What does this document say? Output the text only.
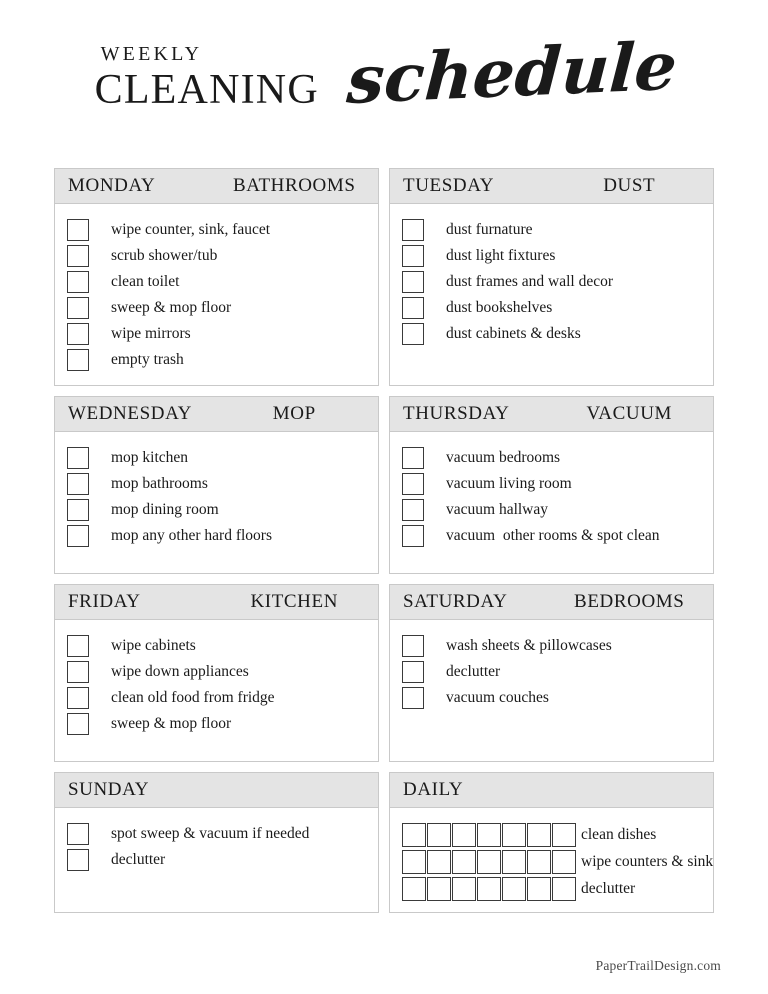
WEEKLY
CLEANING schedule
MONDAY	BATHROOMS
wipe counter, sink, faucet
scrub shower/tub
clean toilet
sweep & mop floor
wipe mirrors
empty trash
TUESDAY	DUST
dust furnature
dust light fixtures
dust frames and wall decor
dust bookshelves
dust cabinets & desks
WEDNESDAY	MOP
mop kitchen
mop bathrooms
mop dining room
mop any other hard floors
THURSDAY	VACUUM
vacuum bedrooms
vacuum living room
vacuum hallway
vacuum  other rooms & spot clean
FRIDAY	KITCHEN
wipe cabinets
wipe down appliances
clean old food from fridge
sweep & mop floor
SATURDAY	BEDROOMS
wash sheets & pillowcases
declutter
vacuum couches
SUNDAY
spot sweep & vacuum if needed
declutter
DAILY
clean dishes
wipe counters & sink
declutter
PaperTrailDesign.com
